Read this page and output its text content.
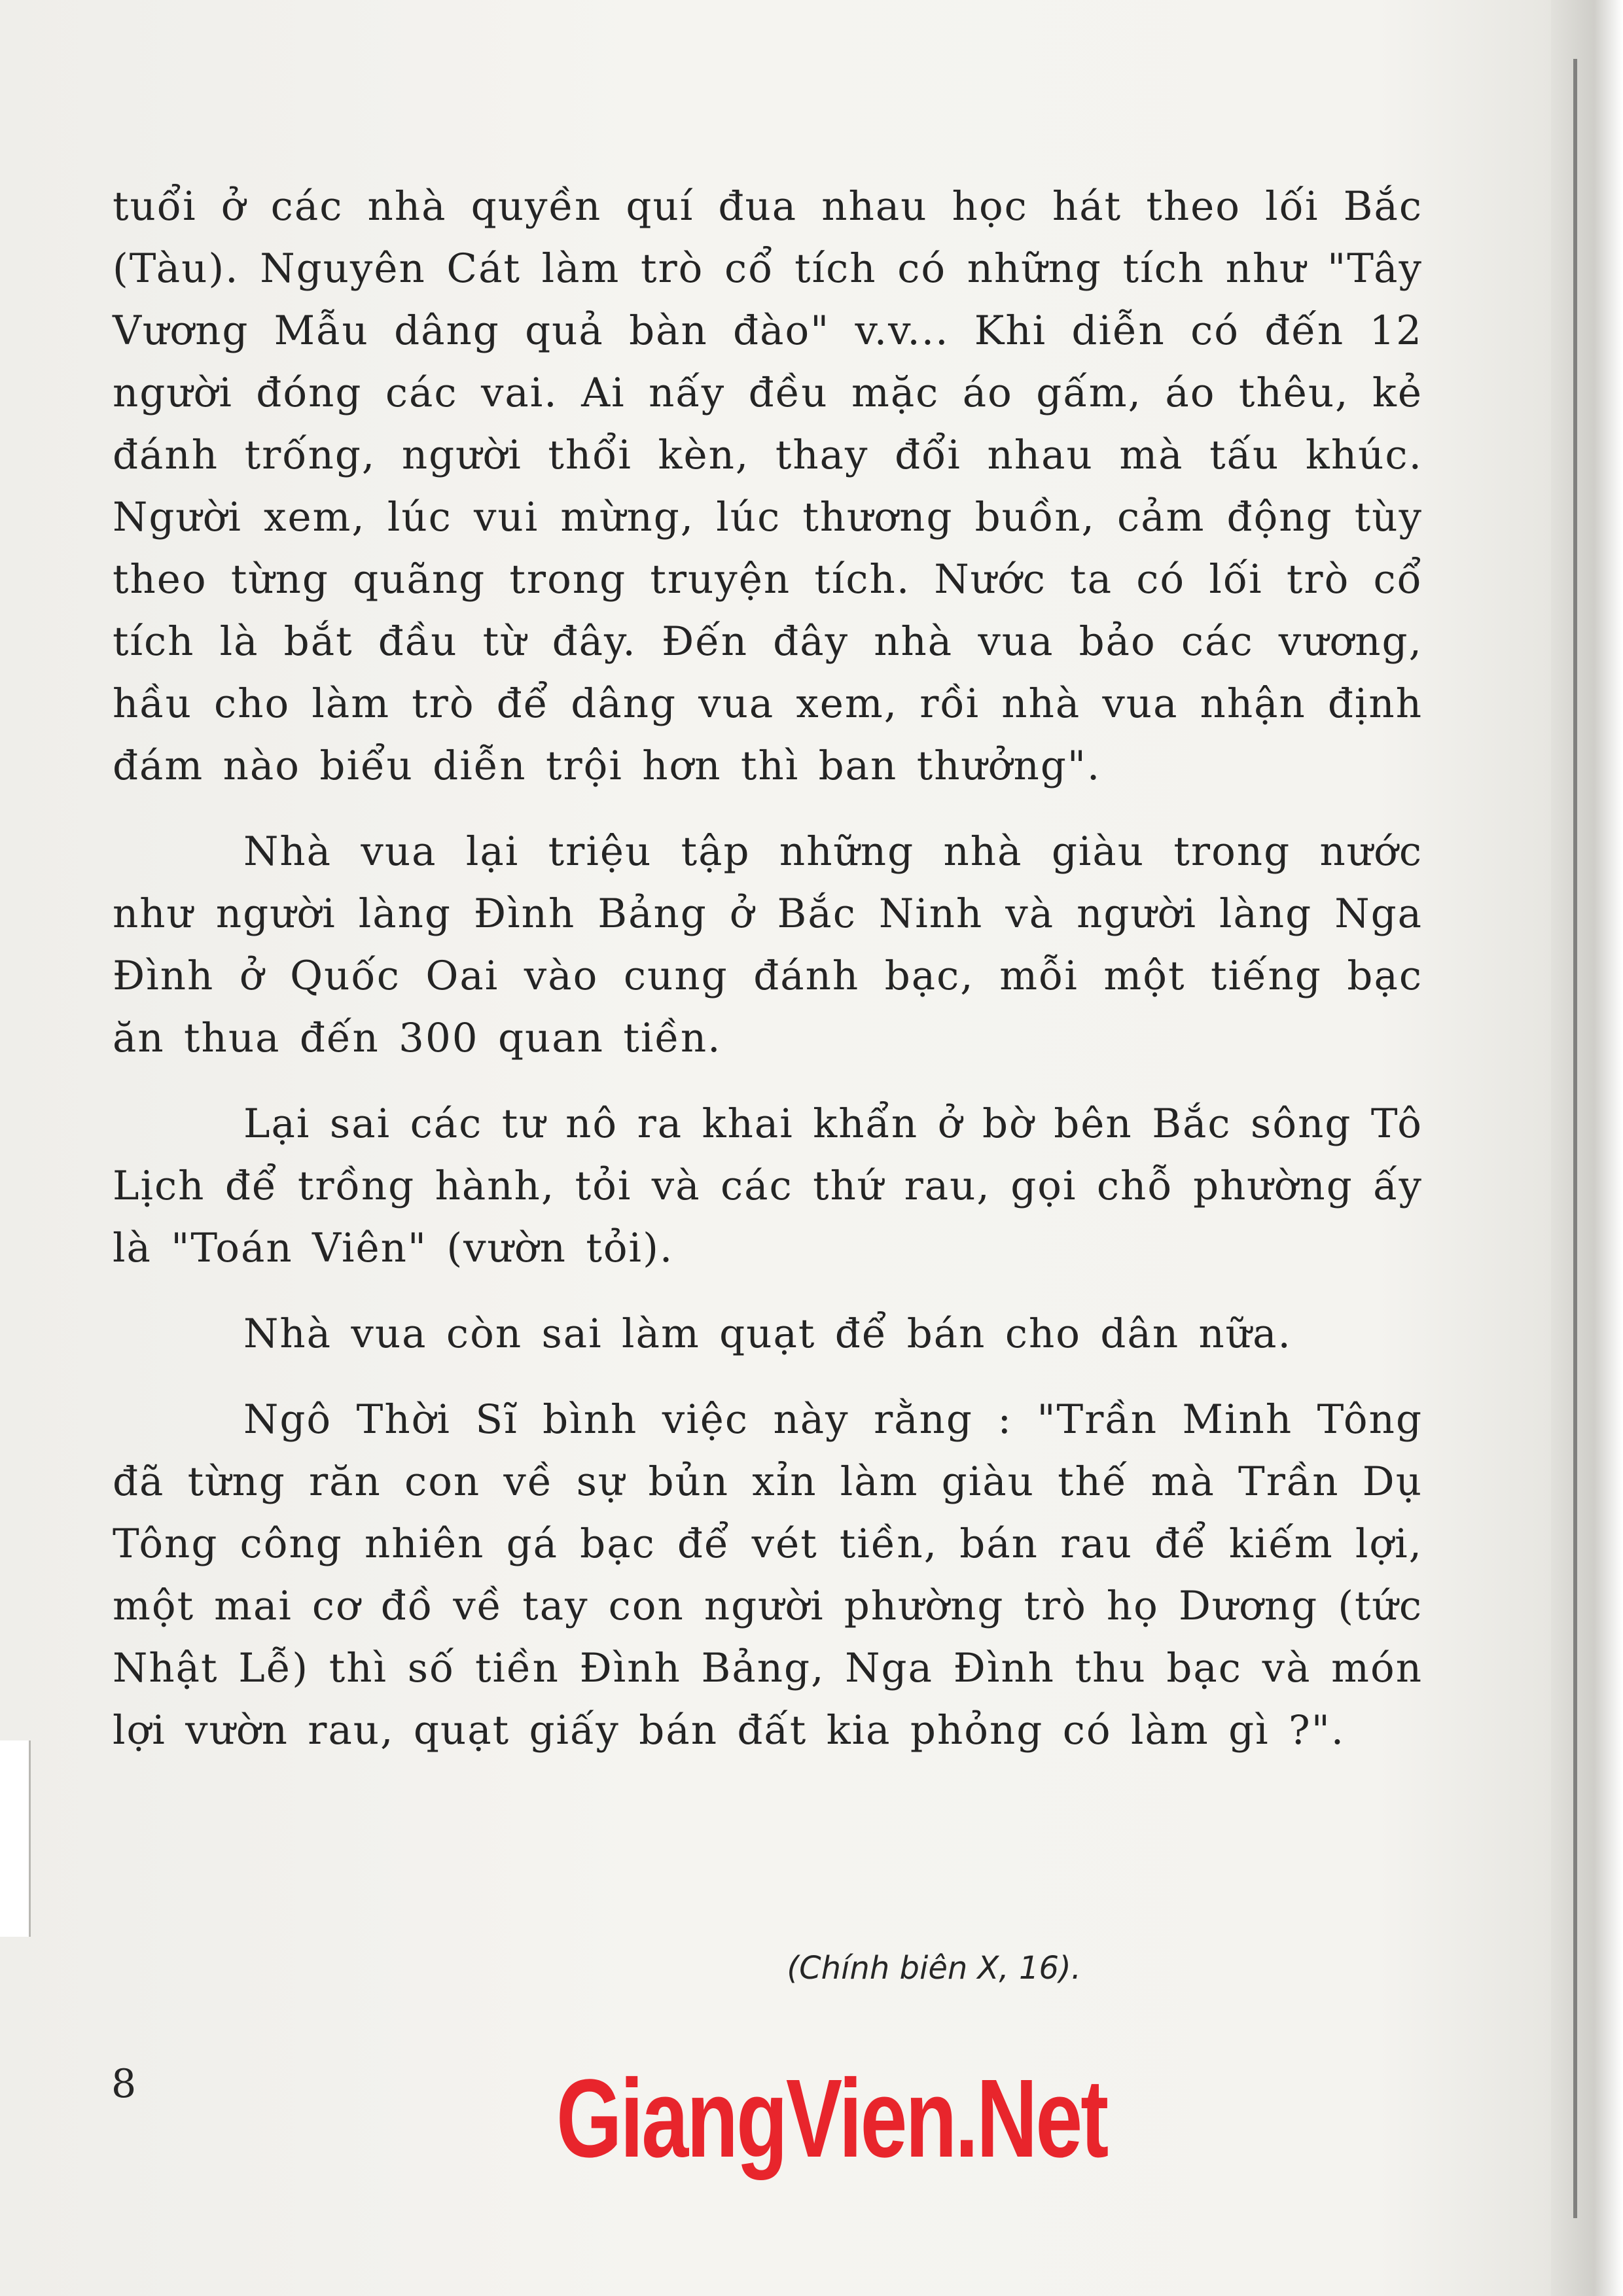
tuổi ở các nhà quyền quí đua nhau học hát theo lối Bắc (Tàu). Nguyên Cát làm trò cổ tích có những tích như "Tây Vương Mẫu dâng quả bàn đào" v.v... Khi diễn có đến 12 người đóng các vai. Ai nấy đều mặc áo gấm, áo thêu, kẻ đánh trống, người thổi kèn, thay đổi nhau mà tấu khúc. Người xem, lúc vui mừng, lúc thương buồn, cảm động tùy theo từng quãng trong truyện tích. Nước ta có lối trò cổ tích là bắt đầu từ đây. Đến đây nhà vua bảo các vương, hầu cho làm trò để dâng vua xem, rồi nhà vua nhận định đám nào biểu diễn trội hơn thì ban thưởng".

Nhà vua lại triệu tập những nhà giàu trong nước như người làng Đình Bảng ở Bắc Ninh và người làng Nga Đình ở Quốc Oai vào cung đánh bạc, mỗi một tiếng bạc ăn thua đến 300 quan tiền.

Lại sai các tư nô ra khai khẩn ở bờ bên Bắc sông Tô Lịch để trồng hành, tỏi và các thứ rau, gọi chỗ phường ấy là "Toán Viên" (vườn tỏi).

Nhà vua còn sai làm quạt để bán cho dân nữa.

Ngô Thời Sĩ bình việc này rằng : "Trần Minh Tông đã từng răn con về sự bủn xỉn làm giàu thế mà Trần Dụ Tông công nhiên gá bạc để vét tiền, bán rau để kiếm lợi, một mai cơ đồ về tay con người phường trò họ Dương (tức Nhật Lễ) thì số tiền Đình Bảng, Nga Đình thu bạc và món lợi vườn rau, quạt giấy bán đất kia phỏng có làm gì ?".

(Chính biên X, 16).
8	GiangVien.Net
